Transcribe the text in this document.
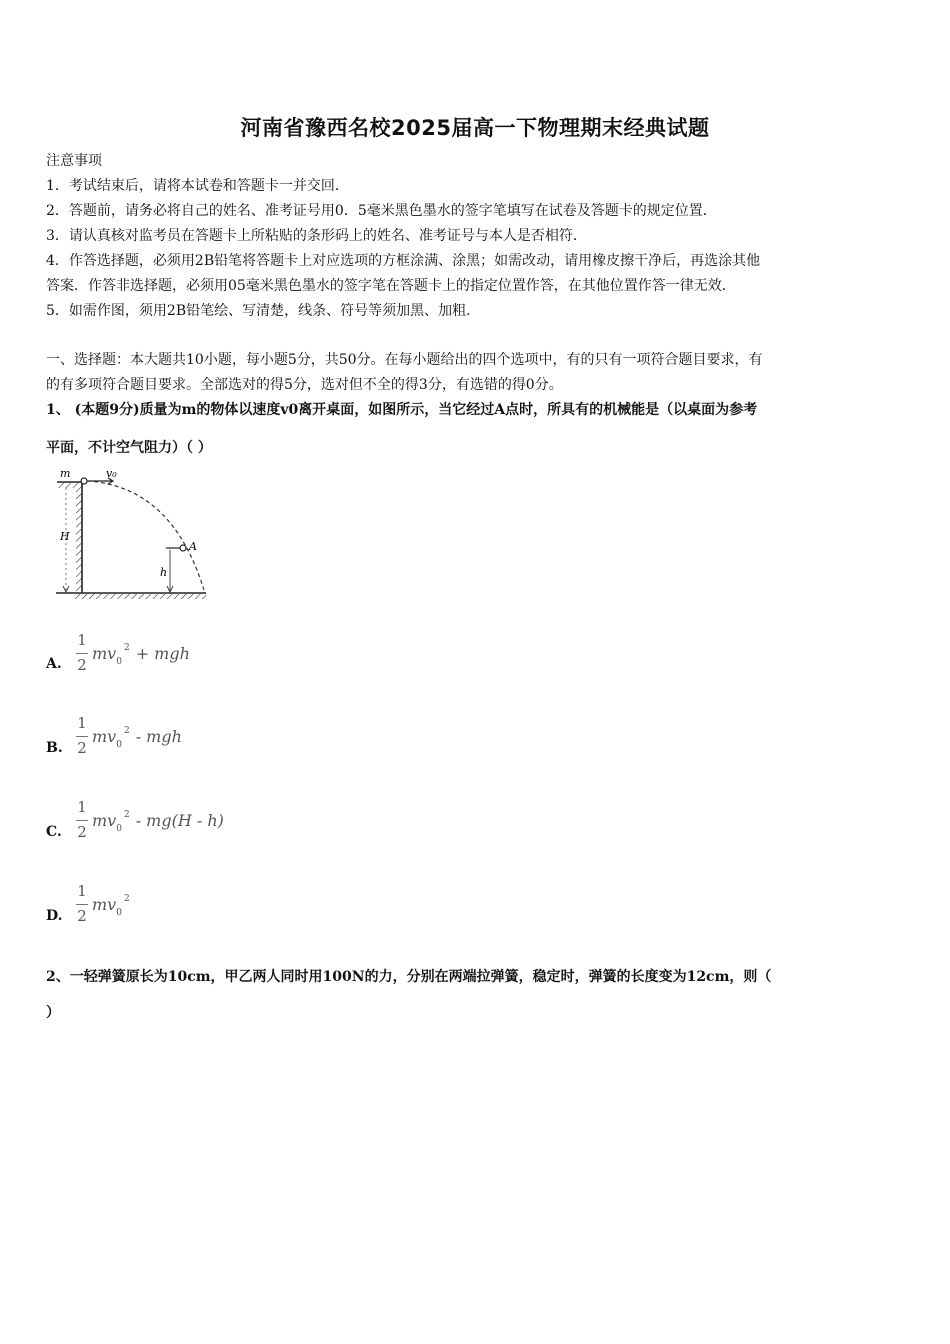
河南省豫西名校2025届高一下物理期末经典试题
注意事项
1．考试结束后，请将本试卷和答题卡一并交回．
2．答题前，请务必将自己的姓名、准考证号用0．5毫米黑色墨水的签字笔填写在试卷及答题卡的规定位置．
3．请认真核对监考员在答题卡上所粘贴的条形码上的姓名、准考证号与本人是否相符．
4．作答选择题，必须用2B铅笔将答题卡上对应选项的方框涂满、涂黑；如需改动，请用橡皮擦干净后，再选涂其他
答案．作答非选择题，必须用05毫米黑色墨水的签字笔在答题卡上的指定位置作答，在其他位置作答一律无效．
5．如需作图，须用2B铅笔绘、写清楚，线条、符号等须加黑、加粗．
一、选择题：本大题共10小题，每小题5分，共50分。在每小题给出的四个选项中，有的只有一项符合题目要求，有
的有多项符合题目要求。全部选对的得5分，选对但不全的得3分，有选错的得0分。
1、 (本题9分)质量为m的物体以速度v0离开桌面，如图所示，当它经过A点时，所具有的机械能是（以桌面为参考
平面，不计空气阻力）（ ）
m	v₀
H
h
A
A.
1
2
$mv_0^2$ + mgh
B.
1
2
$mv_0^2$ - mgh
C.
1
2
$mv_0^2 - mg(H - h)$
D.
1
2
$mv_0^2$
2、一轻弹簧原长为10cm，甲乙两人同时用100N的力，分别在两端拉弹簧，稳定时，弹簧的长度变为12cm，则（
）
